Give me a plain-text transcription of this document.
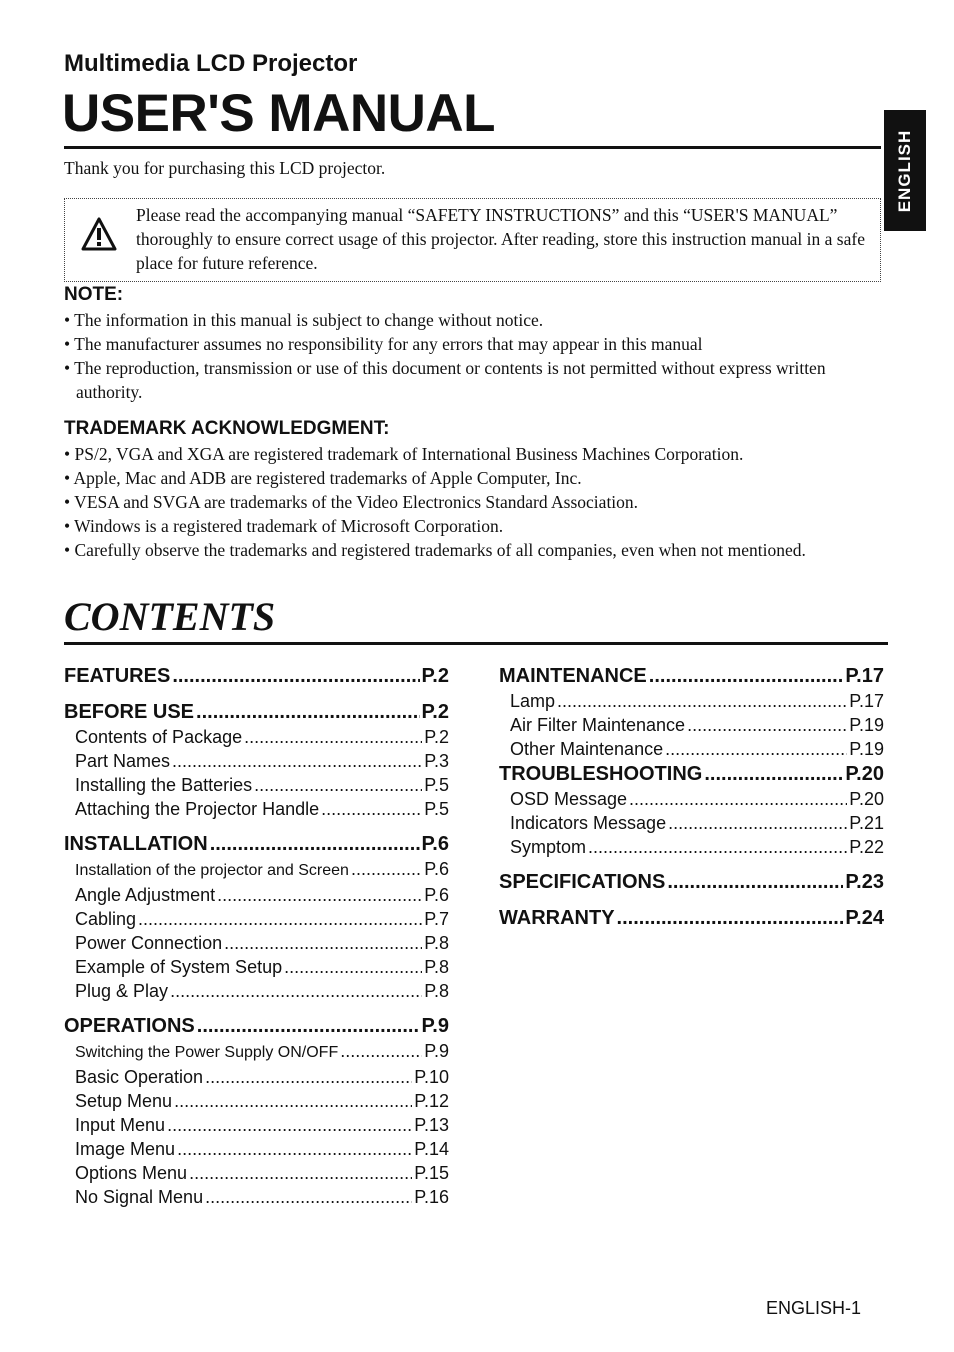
Multimedia LCD Projector
USER'S MANUAL
ENGLISH
Thank you for purchasing this LCD projector.
Please read the accompanying manual “SAFETY INSTRUCTIONS” and this “USER'S MANUAL” thoroughly to ensure correct usage of this projector. After reading, store this instruction manual in a safe place for future reference.
NOTE:
• The information in this manual is subject to change without notice.
• The manufacturer assumes no responsibility for any errors that may appear in this manual
• The reproduction, transmission or use of this document or contents is not permitted without express written authority.
TRADEMARK ACKNOWLEDGMENT:
• PS/2, VGA and XGA are registered trademark of International Business Machines Corporation.
• Apple, Mac and ADB are registered trademarks of Apple Computer, Inc.
• VESA and SVGA are trademarks of the Video Electronics Standard Association.
• Windows is a registered trademark of Microsoft Corporation.
• Carefully observe the trademarks and registered trademarks of all companies, even when not mentioned.
CONTENTS
FEATURES .....	P.2
BEFORE USE .....	P.2
Contents of Package .....	P.2
Part Names .....	P.3
Installing the Batteries .....	P.5
Attaching the Projector Handle .....	P.5
INSTALLATION .....	P.6
Installation of the projector and Screen .....	P.6
Angle Adjustment .....	P.6
Cabling .....	P.7
Power Connection .....	P.8
Example of System Setup .....	P.8
Plug & Play .....	P.8
OPERATIONS .....	P.9
Switching the Power Supply ON/OFF .....	P.9
Basic Operation .....	P.10
Setup Menu .....	P.12
Input Menu .....	P.13
Image Menu .....	P.14
Options Menu .....	P.15
No Signal Menu .....	P.16
MAINTENANCE .....	P.17
Lamp .....	P.17
Air Filter Maintenance .....	P.19
Other Maintenance .....	P.19
TROUBLESHOOTING .....	P.20
OSD Message .....	P.20
Indicators Message .....	P.21
Symptom .....	P.22
SPECIFICATIONS .....	P.23
WARRANTY .....	P.24
ENGLISH-1
